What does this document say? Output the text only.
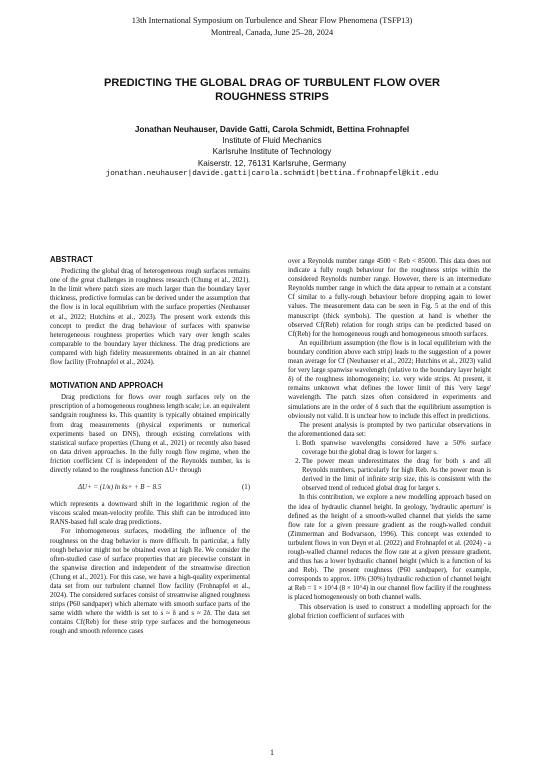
13th International Symposium on Turbulence and Shear Flow Phenomena (TSFP13)
Montreal, Canada, June 25–28, 2024
PREDICTING THE GLOBAL DRAG OF TURBULENT FLOW OVER
ROUGHNESS STRIPS
Jonathan Neuhauser, Davide Gatti, Carola Schmidt, Bettina Frohnapfel
Institute of Fluid Mechanics
Karlsruhe Institute of Technology
Kaiserstr. 12, 76131 Karlsruhe, Germany
jonathan.neuhauser|davide.gatti|carola.schmidt|bettina.frohnapfel@kit.edu
ABSTRACT

Predicting the global drag of heterogeneous rough surfaces remains one of the great challenges in roughness research (Chung et al., 2021). In the limit where patch sizes are much larger than the boundary layer thickness, predictive formulas can be derived under the assumption that the flow is in local equilibrium with the surface properties (Neuhauser et al., 2022; Hutchins et al., 2023). The present work extends this concept to predict the drag behaviour of surfaces with spanwise heterogeneous roughness properties which vary over length scales comparable to the boundary layer thickness. The drag predictions are compared with high fidelity measurements obtained in an air channel flow facility (Frohnapfel et al., 2024).

MOTIVATION AND APPROACH

Drag predictions for flows over rough surfaces rely on the prescription of a homogeneous roughness length scale; i.e. an equivalent sandgrain roughness ks. This quantity is typically obtained empirically from drag measurements (physical experiments or numerical experiments based on DNS), through existing correlations with statistical surface properties (Chung et al., 2021) or recently also based on data driven approaches. In the fully rough flow regime, when the friction coefficient Cf is independent of the Reynolds number, ks is directly related to the roughness function ΔU+ through

ΔU+ = (1/κ) ln ks+ + B − 8.5	(1)

which represents a downward shift in the logarithmic region of the viscous scaled mean-velocity profile. This shift can be introduced into RANS-based full scale drag predictions.

For inhomogeneous surfaces, modelling the influence of the roughness on the drag behavior is more difficult. In particular, a fully rough behavior might not be obtained even at high Re. We consider the often-studied case of surface properties that are piecewise constant in the spanwise direction and independent of the streamwise direction (Chung et al., 2021). For this case, we have a high-quality experimental data set from our turbulent channel flow facility (Frohnapfel et al., 2024). The considered surfaces consist of streamwise aligned roughness strips (P60 sandpaper) which alternate with smooth surface parts of the same width where the width is set to s ≈ δ and s ≈ 2δ. The data set contains Cf(Reb) for these strip type surfaces and the homogeneous rough and smooth reference cases

over a Reynolds number range 4500 < Reb < 85000. This data does not indicate a fully rough behaviour for the roughness strips within the considered Reynolds number range. However, there is an intermediate Reynolds number range in which the data appear to remain at a constant Cf similar to a fully-rough behaviour before dropping again to lower values. The measurement data can be seen in Fig. 5 at the end of this manuscript (thick symbols). The question at hand is whether the observed Cf(Reb) relation for rough strips can be predicted based on Cf(Reb) for the homogeneous rough and homogeneous smooth surfaces.

An equilibrium assumption (the flow is in local equilibrium with the boundary condition above each strip) leads to the suggestion of a power mean average for Cf (Neuhauser et al., 2022; Hutchins et al., 2023) valid for very large spanwise wavelength (relative to the boundary layer height δ) of the roughness inhomogeneity; i.e. very wide strips. At present, it remains unknown what defines the lower limit of this 'very large' wavelength. The patch sizes often considered in experiments and simulations are in the order of δ such that the equilibrium assumption is obviously not valid. It is unclear how to include this effect in predictions.

The present analysis is prompted by two particular observations in the aforementioned data set:

1. Both spanwise wavelengths considered have a 50% surface coverage but the global drag is lower for larger s.
2. The power mean underestimates the drag for both s and all Reynolds numbers, particularly for high Reb. As the power mean is derived in the limit of infinite strip size, this is consistent with the observed trend of reduced global drag for larger s.

In this contribution, we explore a new modelling approach based on the idea of hydraulic channel height. In geology, 'hydraulic aperture' is defined as the height of a smooth-walled channel that yields the same flow rate for a given pressure gradient as the rough-walled conduit (Zimmerman and Bodvarsson, 1996). This concept was extended to turbulent flows in von Deyn et al. (2022) and Frohnapfel et al. (2024) - a rough-walled channel reduces the flow rate at a given pressure gradient, and thus has a lower hydraulic channel height (which is a function of ks and Reb). The present roughness (P60 sandpaper), for example, corresponds to approx. 10% (30%) hydraulic reduction of channel height at Reb = 1 × 10^4 (8 × 10^4) in our channel flow facility if the roughness is placed homogeneously on both channel walls.

This observation is used to construct a modelling approach for the global friction coefficient of surfaces with

1
